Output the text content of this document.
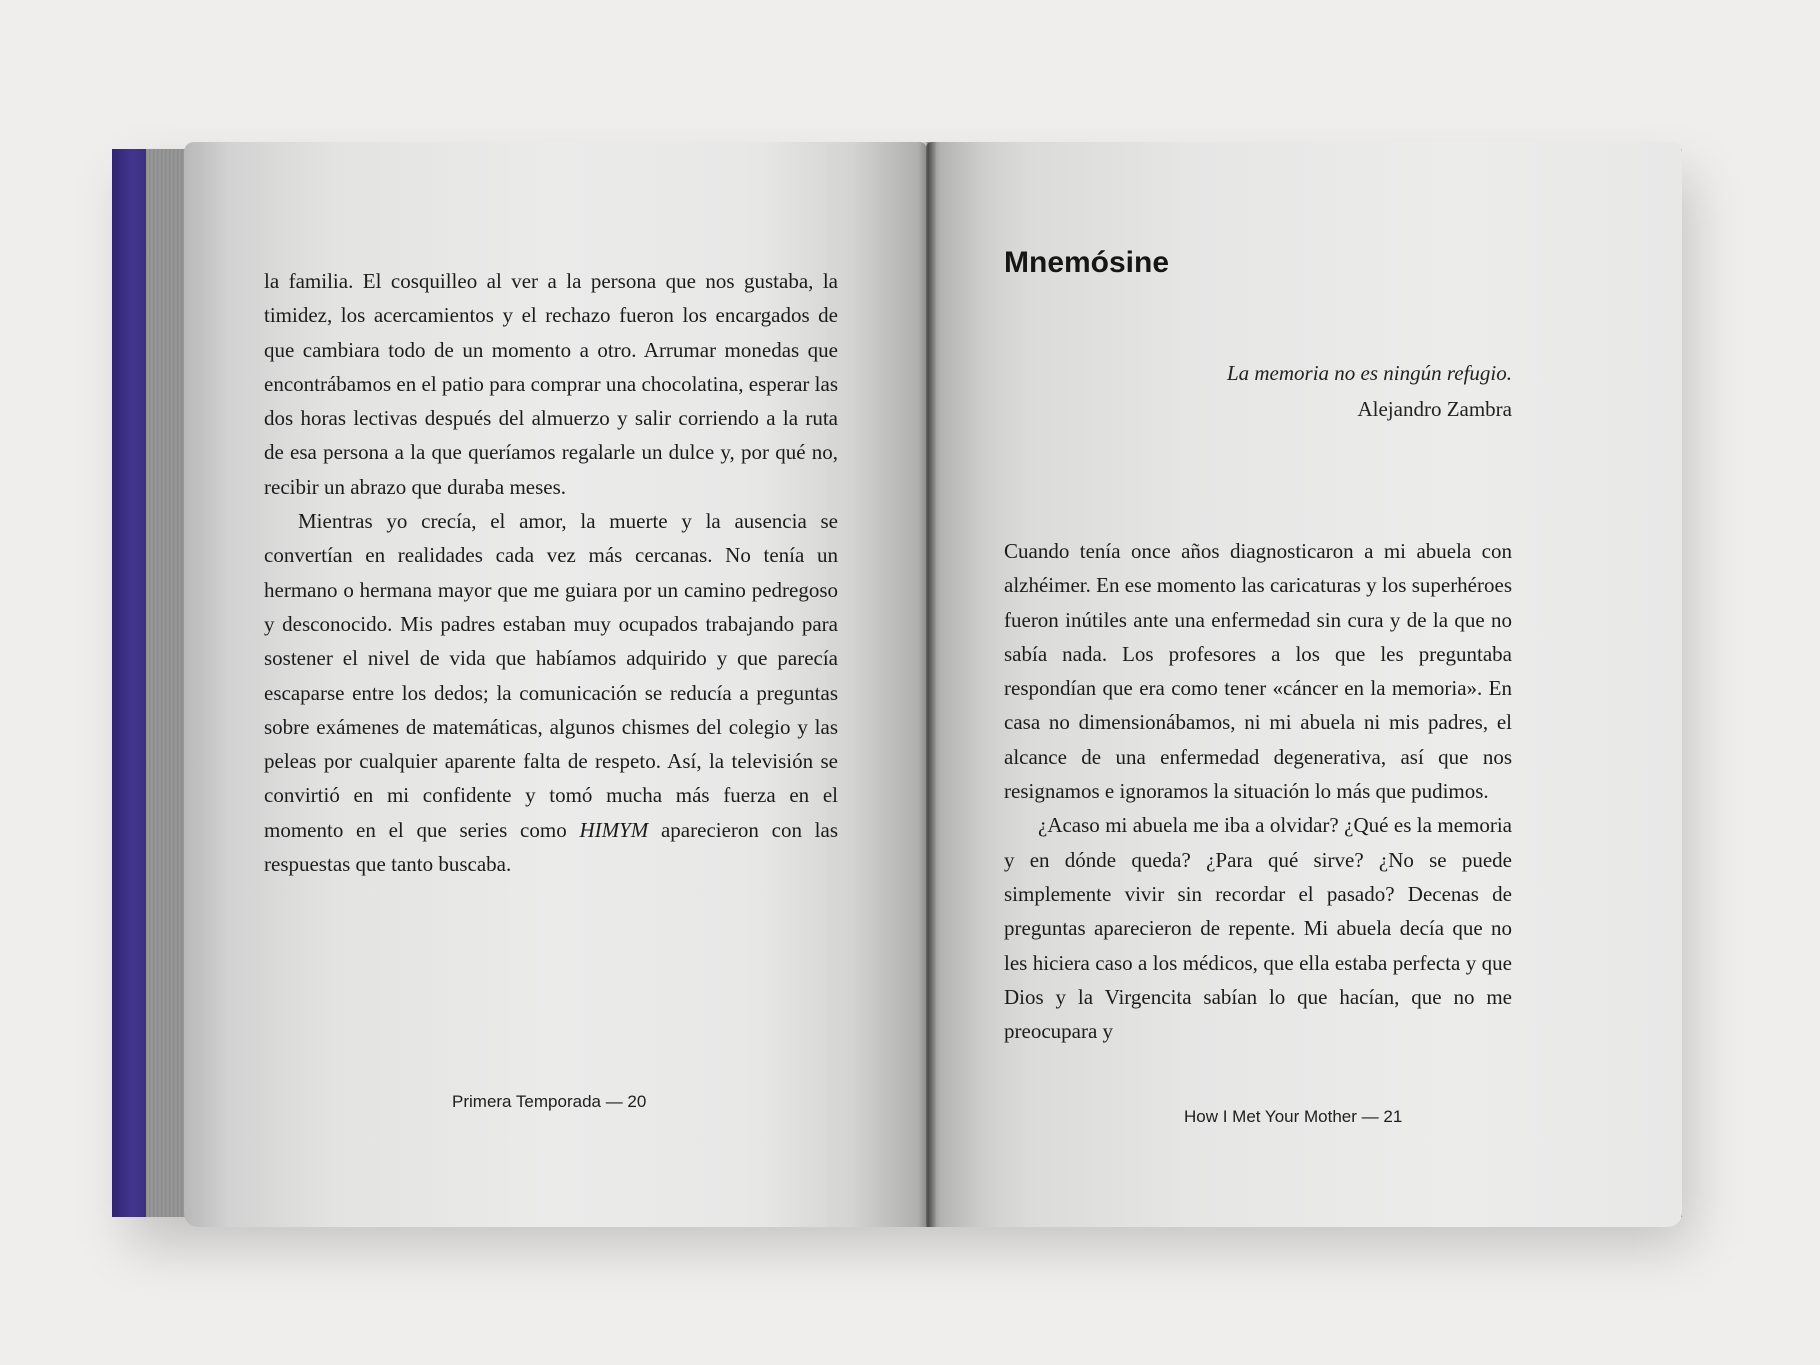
la familia. El cosquilleo al ver a la persona que nos gustaba, la timidez, los acercamientos y el rechazo fueron los encargados de que cambiara todo de un momento a otro. Arrumar monedas que encontrábamos en el patio para comprar una chocolatina, esperar las dos horas lectivas después del almuerzo y salir corriendo a la ruta de esa persona a la que queríamos regalarle un dulce y, por qué no, recibir un abrazo que duraba meses.

Mientras yo crecía, el amor, la muerte y la ausencia se convertían en realidades cada vez más cercanas. No tenía un hermano o hermana mayor que me guiara por un camino pedregoso y desconocido. Mis padres estaban muy ocupados trabajando para sostener el nivel de vida que habíamos adquirido y que parecía escaparse entre los dedos; la comunicación se reducía a preguntas sobre exámenes de matemáticas, algunos chismes del colegio y las peleas por cualquier aparente falta de respeto. Así, la televisión se convirtió en mi confidente y tomó mucha más fuerza en el momento en el que series como HIMYM aparecieron con las respuestas que tanto buscaba.

Primera Temporada — 20
Mnemósine
La memoria no es ningún refugio.
Alejandro Zambra

Cuando tenía once años diagnosticaron a mi abuela con alzhéimer. En ese momento las caricaturas y los superhéroes fueron inútiles ante una enfermedad sin cura y de la que no sabía nada. Los profesores a los que les preguntaba respondían que era como tener «cáncer en la memoria». En casa no dimensionábamos, ni mi abuela ni mis padres, el alcance de una enfermedad degenerativa, así que nos resignamos e ignoramos la situación lo más que pudimos.

¿Acaso mi abuela me iba a olvidar? ¿Qué es la memoria y en dónde queda? ¿Para qué sirve? ¿No se puede simplemente vivir sin recordar el pasado? Decenas de preguntas aparecieron de repente. Mi abuela decía que no les hiciera caso a los médicos, que ella estaba perfecta y que Dios y la Virgencita sabían lo que hacían, que no me preocupara y

How I Met Your Mother — 21
